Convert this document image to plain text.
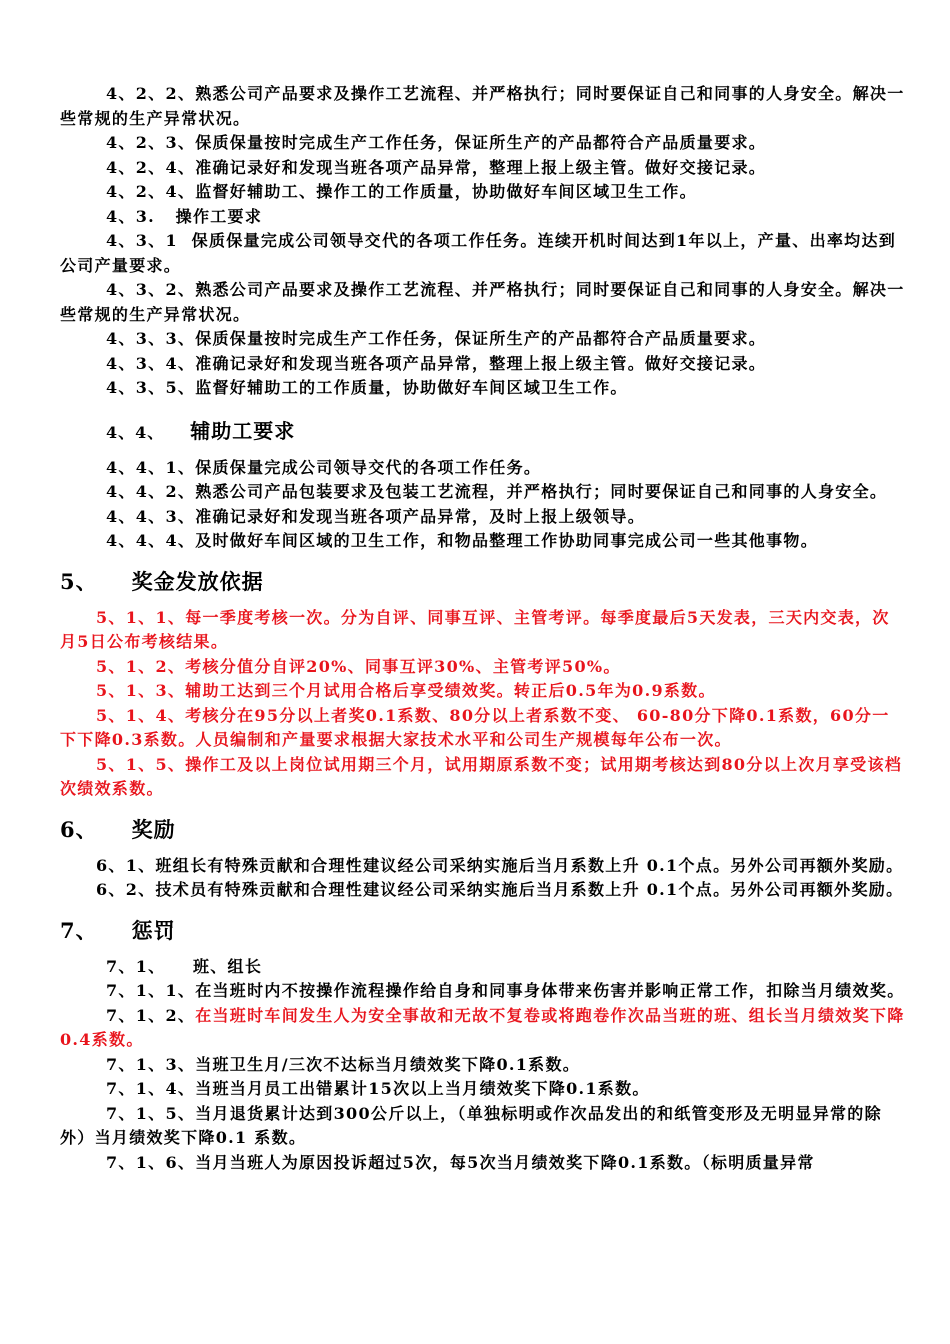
4、2、2、熟悉公司产品要求及操作工艺流程、并严格执行；同时要保证自己和同事的人身安全。解决一些常规的生产异常状况。

4、2、3、保质保量按时完成生产工作任务，保证所生产的产品都符合产品质量要求。

4、2、4、准确记录好和发现当班各项产品异常，整理上报上级主管。做好交接记录。

4、2、4、监督好辅助工、操作工的工作质量，协助做好车间区域卫生工作。

4、3.   操作工要求

4、3、1  保质保量完成公司领导交代的各项工作任务。连续开机时间达到1年以上，产量、出率均达到公司产量要求。

4、3、2、熟悉公司产品要求及操作工艺流程、并严格执行；同时要保证自己和同事的人身安全。解决一些常规的生产异常状况。

4、3、3、保质保量按时完成生产工作任务，保证所生产的产品都符合产品质量要求。

4、3、4、准确记录好和发现当班各项产品异常，整理上报上级主管。做好交接记录。

4、3、5、监督好辅助工的工作质量，协助做好车间区域卫生工作。

4、4、 辅助工要求

4、4、1、保质保量完成公司领导交代的各项工作任务。

4、4、2、熟悉公司产品包装要求及包装工艺流程，并严格执行；同时要保证自己和同事的人身安全。

4、4、3、准确记录好和发现当班各项产品异常，及时上报上级领导。

4、4、4、及时做好车间区域的卫生工作，和物品整理工作协助同事完成公司一些其他事物。

5、 奖金发放依据

5、1、1、每一季度考核一次。分为自评、同事互评、主管考评。每季度最后5天发表，三天内交表，次月5日公布考核结果。

5、1、2、考核分值分自评20%、同事互评30%、主管考评50%。

5、1、3、辅助工达到三个月试用合格后享受绩效奖。转正后0.5年为0.9系数。

5、1、4、考核分在95分以上者奖0.1系数、80分以上者系数不变、 60-80分下降0.1系数，60分一下下降0.3系数。人员编制和产量要求根据大家技术水平和公司生产规模每年公布一次。

5、1、5、操作工及以上岗位试用期三个月，试用期原系数不变；试用期考核达到80分以上次月享受该档次绩效系数。

6、 奖励

6、1、班组长有特殊贡献和合理性建议经公司采纳实施后当月系数上升 0.1个点。另外公司再额外奖励。

6、2、技术员有特殊贡献和合理性建议经公司采纳实施后当月系数上升 0.1个点。另外公司再额外奖励。

7、 惩罚

7、1、    班、组长

7、1、1、在当班时内不按操作流程操作给自身和同事身体带来伤害并影响正常工作，扣除当月绩效奖。

7、1、2、在当班时车间发生人为安全事故和无故不复卷或将跑卷作次品当班的班、组长当月绩效奖下降0.4系数。

7、1、3、当班卫生月/三次不达标当月绩效奖下降0.1系数。

7、1、4、当班当月员工出错累计15次以上当月绩效奖下降0.1系数。

7、1、5、当月退货累计达到300公斤以上，（单独标明或作次品发出的和纸管变形及无明显异常的除外）当月绩效奖下降0.1 系数。

7、1、6、当月当班人为原因投诉超过5次，每5次当月绩效奖下降0.1系数。（标明质量异常
